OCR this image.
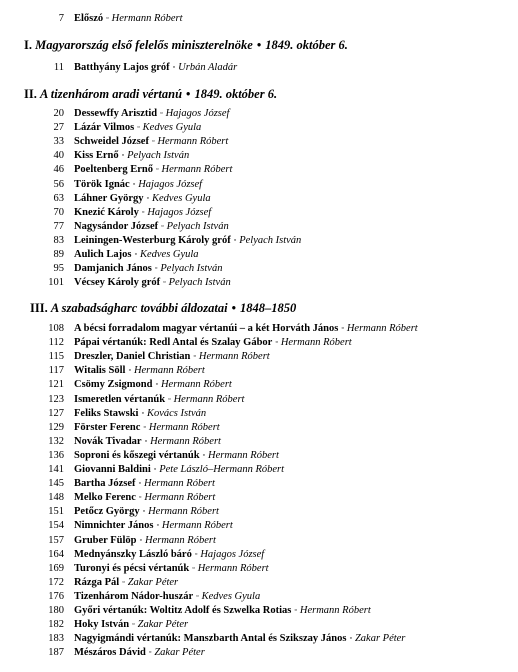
7 Előszó ▫ Hermann Róbert
I. Magyarország első felelős miniszterelnöke • 1849. október 6.
11 Batthyány Lajos gróf ▫ Urbán Aladár
II. A tizenhárom aradi vértanú • 1849. október 6.
20 Dessewffy Arisztid ▫ Hajagos József
27 Lázár Vilmos ▫ Kedves Gyula
33 Schweidel József ▫ Hermann Róbert
40 Kiss Ernő ▫ Pelyach István
46 Poeltenberg Ernő ▫ Hermann Róbert
56 Török Ignác ▫ Hajagos József
63 Láhner György ▫ Kedves Gyula
70 Knezić Károly ▫ Hajagos József
77 Nagysándor József ▫ Pelyach István
83 Leiningen-Westerburg Károly gróf ▫ Pelyach István
89 Aulich Lajos ▫ Kedves Gyula
95 Damjanich János ▫ Pelyach István
101 Vécsey Károly gróf ▫ Pelyach István
III. A szabadságharc további áldozatai • 1848–1850
108 A bécsi forradalom magyar vértanúi – a két Horváth János ▫ Hermann Róbert
112 Pápai vértanúk: Redl Antal és Szalay Gábor ▫ Hermann Róbert
115 Dreszler, Daniel Christian ▫ Hermann Róbert
117 Witalis Söll ▫ Hermann Róbert
121 Csömy Zsigmond ▫ Hermann Róbert
123 Ismeretlen vértanúk ▫ Hermann Róbert
127 Feliks Stawski ▫ Kovács István
129 Förster Ferenc ▫ Hermann Róbert
132 Novák Tivadar ▫ Hermann Róbert
136 Soproni és kőszegi vértanúk ▫ Hermann Róbert
141 Giovanni Baldini ▫ Pete László–Hermann Róbert
145 Bartha József ▫ Hermann Róbert
148 Melko Ferenc ▫ Hermann Róbert
151 Petőcz György ▫ Hermann Róbert
154 Nimnichter János ▫ Hermann Róbert
157 Gruber Fülöp ▫ Hermann Róbert
164 Mednyánszky László báró ▫ Hajagos József
169 Turonyi és pécsi vértanúk ▫ Hermann Róbert
172 Rázga Pál ▫ Zakar Péter
176 Tizenhárom Nádor-huszár ▫ Kedves Gyula
180 Győri vértanúk: Woltitz Adolf és Szwelka Rotias ▫ Hermann Róbert
182 Hoky István ▫ Zakar Péter
183 Nagyigmándi vértanúk: Manszbarth Antal és Szikszay János ▫ Zakar Péter
187 Mészáros Dávid ▫ Zakar Péter
